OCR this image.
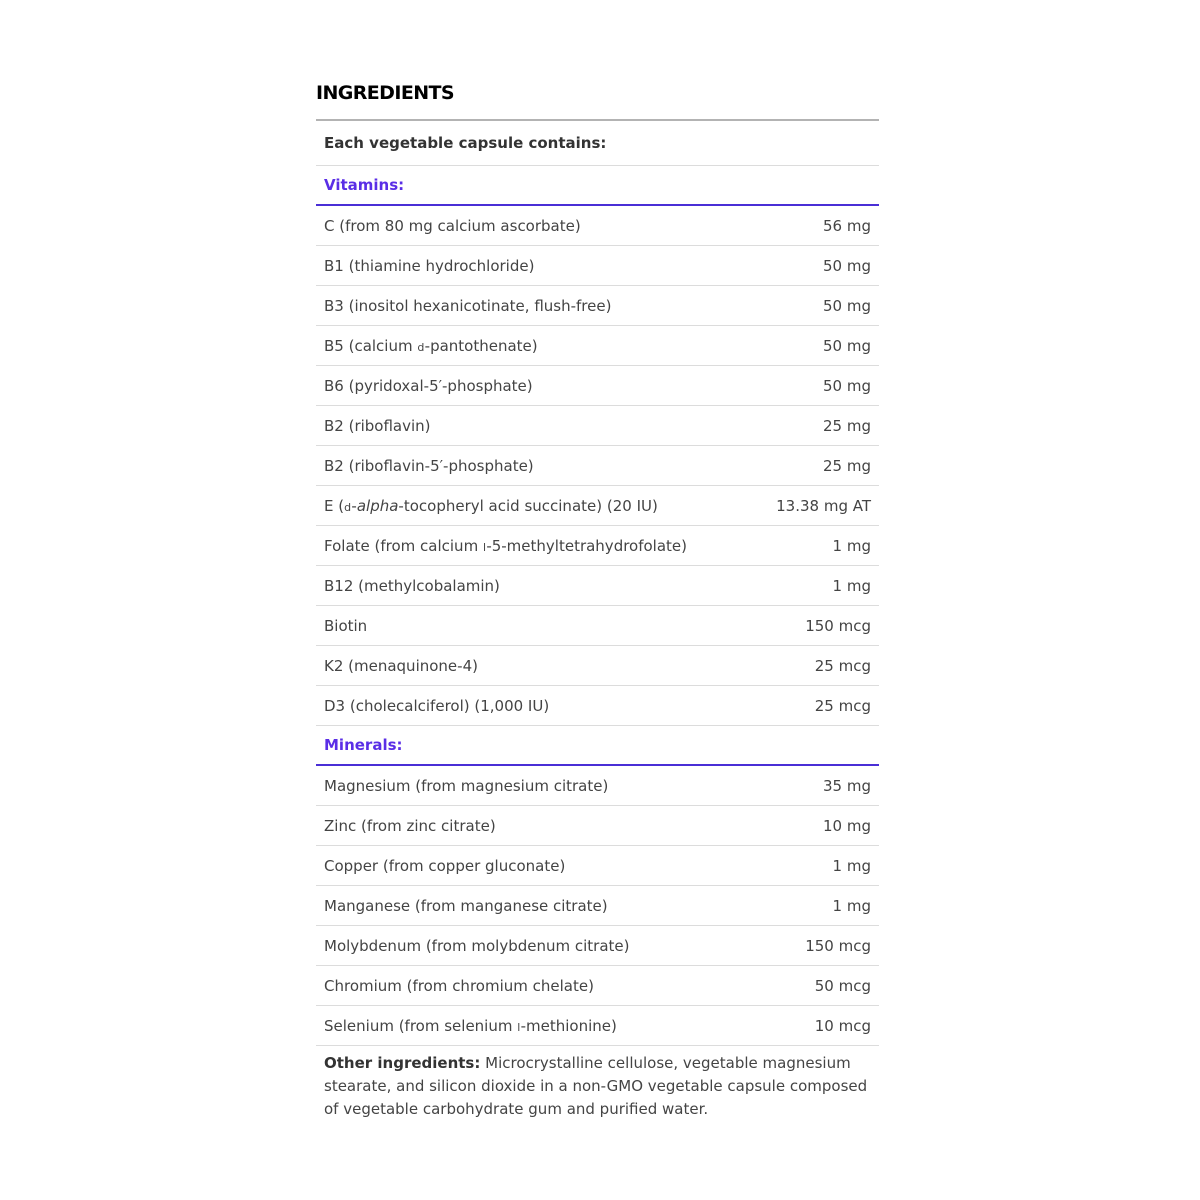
INGREDIENTS
Each vegetable capsule contains:
Vitamins:
C (from 80 mg calcium ascorbate)	56 mg
B1 (thiamine hydrochloride)	50 mg
B3 (inositol hexanicotinate, flush-free)	50 mg
B5 (calcium d-pantothenate)	50 mg
B6 (pyridoxal-5′-phosphate)	50 mg
B2 (riboflavin)	25 mg
B2 (riboflavin-5′-phosphate)	25 mg
E (d-alpha-tocopheryl acid succinate) (20 IU)	13.38 mg AT
Folate (from calcium l-5-methyltetrahydrofolate)	1 mg
B12 (methylcobalamin)	1 mg
Biotin	150 mcg
K2 (menaquinone-4)	25 mcg
D3 (cholecalciferol) (1,000 IU)	25 mcg
Minerals:
Magnesium (from magnesium citrate)	35 mg
Zinc (from zinc citrate)	10 mg
Copper (from copper gluconate)	1 mg
Manganese (from manganese citrate)	1 mg
Molybdenum (from molybdenum citrate)	150 mcg
Chromium (from chromium chelate)	50 mcg
Selenium (from selenium l-methionine)	10 mcg
Other ingredients: Microcrystalline cellulose, vegetable magnesium stearate, and silicon dioxide in a non-GMO vegetable capsule composed of vegetable carbohydrate gum and purified water.
